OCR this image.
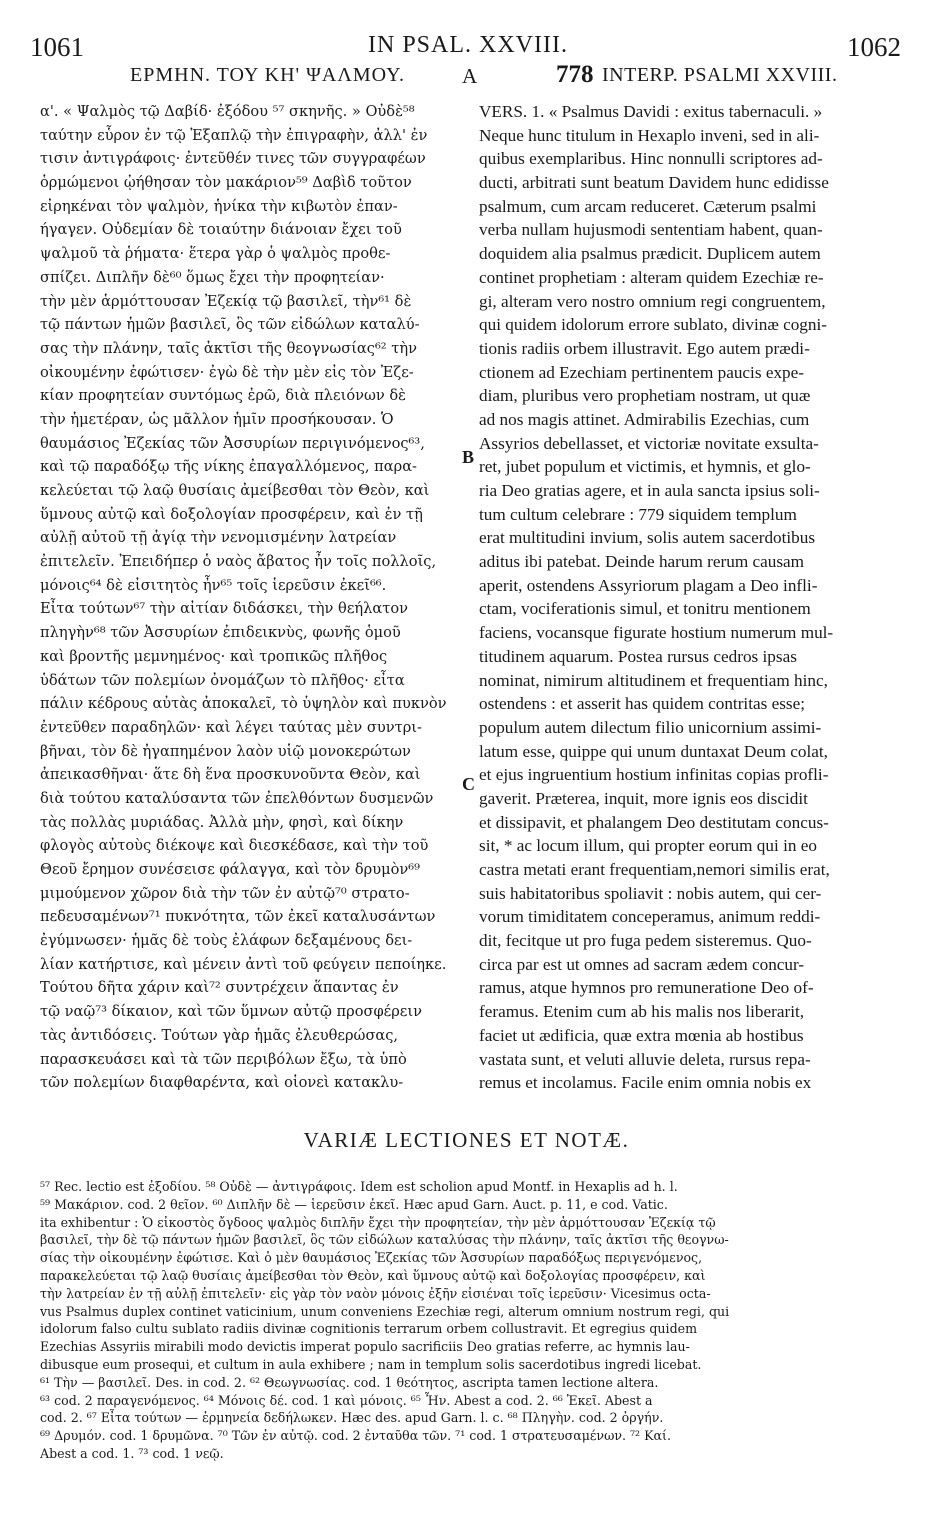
1061	IN PSAL. XXVIII.	1062
ΕΡΜΗΝ. ΤΟΥ ΚΗ' ΨΑΛΜΟΥ.	A	778 INTERP. PSALMI XXVIII.
α'. « Ψαλμὸς τῷ Δαβίδ· ἐξόδου ⁵⁷ σκηνῆς. » Οὐδὲ⁵⁸
ταύτην εὗρον ἐν τῷ Ἑξαπλῷ τὴν ἐπιγραφὴν, ἀλλ' ἐν
τισιν ἀντιγράφοις· ἐντεῦθέν τινες τῶν συγγραφέων
ὁρμώμενοι ᾠήθησαν τὸν μακάριον⁵⁹ Δαβὶδ τοῦτον
εἰρηκέναι τὸν ψαλμὸν, ἡνίκα τὴν κιβωτὸν ἐπαν-
ήγαγεν. Οὐδεμίαν δὲ τοιαύτην διάνοιαν ἔχει τοῦ
ψαλμοῦ τὰ ῥήματα· ἕτερα γὰρ ὁ ψαλμὸς προθε-
σπίζει. Διπλῆν δὲ⁶⁰ ὅμως ἔχει τὴν προφητείαν·
τὴν μὲν ἁρμόττουσαν Ἐζεκίᾳ τῷ βασιλεῖ, τὴν⁶¹ δὲ
τῷ πάντων ἡμῶν βασιλεῖ, ὃς τῶν εἰδώλων καταλύ-
σας τὴν πλάνην, ταῖς ἀκτῖσι τῆς θεογνωσίας⁶² τὴν
οἰκουμένην ἐφώτισεν· ἐγὼ δὲ τὴν μὲν εἰς τὸν Ἐζε-
κίαν προφητείαν συντόμως ἐρῶ, διὰ πλειόνων δὲ
τὴν ἡμετέραν, ὡς μᾶλλον ἡμῖν προσήκουσαν. Ὁ
θαυμάσιος Ἐζεκίας τῶν Ἀσσυρίων περιγινόμενος⁶³,
καὶ τῷ παραδόξῳ τῆς νίκης ἐπαγαλλόμενος, παρα-
κελεύεται τῷ λαῷ θυσίαις ἀμείβεσθαι τὸν Θεὸν, καὶ
ὕμνους αὐτῷ καὶ δοξολογίαν προσφέρειν, καὶ ἐν τῇ
αὐλῇ αὐτοῦ τῇ ἁγίᾳ τὴν νενομισμένην λατρείαν
ἐπιτελεῖν. Ἐπειδήπερ ὁ ναὸς ἄβατος ἦν τοῖς πολλοῖς,
μόνοις⁶⁴ δὲ εἰσιτητὸς ἦν⁶⁵ τοῖς ἱερεῦσιν ἐκεῖ⁶⁶.
Εἶτα τούτων⁶⁷ τὴν αἰτίαν διδάσκει, τὴν θεήλατον
πληγὴν⁶⁸ τῶν Ἀσσυρίων ἐπιδεικνὺς, φωνῆς ὁμοῦ
καὶ βροντῆς μεμνημένος· καὶ τροπικῶς πλῆθος
ὑδάτων τῶν πολεμίων ὀνομάζων τὸ πλῆθος· εἶτα
πάλιν κέδρους αὐτὰς ἀποκαλεῖ, τὸ ὑψηλὸν καὶ πυκνὸν
ἐντεῦθεν παραδηλῶν· καὶ λέγει ταύτας μὲν συντρι-
βῆναι, τὸν δὲ ἠγαπημένον λαὸν υἱῷ μονοκερώτων
ἀπεικασθῆναι· ἅτε δὴ ἕνα προσκυνοῦντα Θεὸν, καὶ
διὰ τούτου καταλύσαντα τῶν ἐπελθόντων δυσμενῶν
τὰς πολλὰς μυριάδας. Ἀλλὰ μὴν, φησὶ, καὶ δίκην
φλογὸς αὐτοὺς διέκοψε καὶ διεσκέδασε, καὶ τὴν τοῦ
Θεοῦ ἔρημον συνέσεισε φάλαγγα, καὶ τὸν δρυμὸν⁶⁹
μιμούμενον χῶρον διὰ τὴν τῶν ἐν αὐτῷ⁷⁰ στρατο-
πεδευσαμένων⁷¹ πυκνότητα, τῶν ἐκεῖ καταλυσάντων
ἐγύμνωσεν· ἡμᾶς δὲ τοὺς ἐλάφων δεξαμένους δει-
λίαν κατήρτισε, καὶ μένειν ἀντὶ τοῦ φεύγειν πεποίηκε.
Τούτου δῆτα χάριν καὶ⁷² συντρέχειν ἅπαντας ἐν
τῷ ναῷ⁷³ δίκαιον, καὶ τῶν ὕμνων αὐτῷ προσφέρειν
τὰς ἀντιδόσεις. Τούτων γὰρ ἡμᾶς ἐλευθερώσας,
παρασκευάσει καὶ τὰ τῶν περιβόλων ἔξω, τὰ ὑπὸ
τῶν πολεμίων διαφθαρέντα, καὶ οἱονεὶ κατακλυ-
VERS. 1. « Psalmus Davidi : exitus tabernaculi. »
Neque hunc titulum in Hexaplo inveni, sed in ali-
quibus exemplaribus. Hinc nonnulli scriptores ad-
ducti, arbitrati sunt beatum Davidem hunc edidisse
psalmum, cum arcam reduceret. Cæterum psalmi
verba nullam hujusmodi sententiam habent, quan-
doquidem alia psalmus prædicit. Duplicem autem
continet prophetiam : alteram quidem Ezechiæ re-
gi, alteram vero nostro omnium regi congruentem,
qui quidem idolorum errore sublato, divinæ cogni-
tionis radiis orbem illustravit. Ego autem prædi-
ctionem ad Ezechiam pertinentem paucis expe-
diam, pluribus vero prophetiam nostram, ut quæ
ad nos magis attinet. Admirabilis Ezechias, cum
Assyrios debellasset, et victoriæ novitate exsulta-
ret, jubet populum et victimis, et hymnis, et glo-
ria Deo gratias agere, et in aula sancta ipsius soli-
tum cultum celebrare : 779 siquidem templum
erat multitudini invium, solis autem sacerdotibus
aditus ibi patebat. Deinde harum rerum causam
aperit, ostendens Assyriorum plagam a Deo infli-
ctam, vociferationis simul, et tonitru mentionem
faciens, vocansque figurate hostium numerum mul-
titudinem aquarum. Postea rursus cedros ipsas
nominat, nimirum altitudinem et frequentiam hinc,
ostendens : et asserit has quidem contritas esse;
populum autem dilectum filio unicornium assimi-
latum esse, quippe qui unum duntaxat Deum colat,
et ejus ingruentium hostium infinitas copias profli-
gaverit. Præterea, inquit, more ignis eos discidit
et dissipavit, et phalangem Deo destitutam concus-
sit, * ac locum illum, qui propter eorum qui in eo
castra metati erant frequentiam,nemori similis erat,
suis habitatoribus spoliavit : nobis autem, qui cer-
vorum timiditatem conceperamus, animum reddi-
dit, fecitque ut pro fuga pedem sisteremus. Quo-
circa par est ut omnes ad sacram ædem concur-
ramus, atque hymnos pro remuneratione Deo of-
feramus. Etenim cum ab his malis nos liberarit,
faciet ut ædificia, quæ extra mœnia ab hostibus
vastata sunt, et veluti alluvie deleta, rursus repa-
remus et incolamus. Facile enim omnia nobis ex
B
C
VARIÆ LECTIONES ET NOTÆ.
⁵⁷ Rec. lectio est ἐξοδίου. ⁵⁸ Οὐδὲ — ἀντιγράφοις. Idem est scholion apud Montf. in Hexaplis ad h. l.
⁵⁹ Μακάριον. cod. 2 θεῖον. ⁶⁰ Διπλῆν δὲ — ἱερεῦσιν ἐκεῖ. Hæc apud Garn. Auct. p. 11, e cod. Vatic.
ita exhibentur : Ὁ εἰκοστὸς ὄγδοος ψαλμὸς διπλῆν ἔχει τὴν προφητείαν, τὴν μὲν ἁρμόττουσαν Ἐζεκίᾳ τῷ
βασιλεῖ, τὴν δὲ τῷ πάντων ἡμῶν βασιλεῖ, ὃς τῶν εἰδώλων καταλύσας τὴν πλάνην, ταῖς ἀκτῖσι τῆς θεογνω-
σίας τὴν οἰκουμένην ἐφώτισε. Καὶ ὁ μὲν θαυμάσιος Ἐζεκίας τῶν Ἀσσυρίων παραδόξως περιγενόμενος,
παρακελεύεται τῷ λαῷ θυσίαις ἀμείβεσθαι τὸν Θεὸν, καὶ ὕμνους αὐτῷ καὶ δοξολογίας προσφέρειν, καὶ
τὴν λατρείαν ἐν τῇ αὐλῇ ἐπιτελεῖν· εἰς γὰρ τὸν ναὸν μόνοις ἐξῆν εἰσιέναι τοῖς ἱερεῦσιν· Vicesimus octa-
vus Psalmus duplex continet vaticinium, unum conveniens Ezechiæ regi, alterum omnium nostrum regi, qui
idolorum falso cultu sublato radiis divinæ cognitionis terrarum orbem collustravit. Et egregius quidem
Ezechias Assyriis mirabili modo devictis imperat populo sacrificiis Deo gratias referre, ac hymnis lau-
dibusque eum prosequi, et cultum in aula exhibere ; nam in templum solis sacerdotibus ingredi licebat.
⁶¹ Τὴν — βασιλεῖ. Des. in cod. 2. ⁶² Θεωγνωσίας. cod. 1 θεότητος, ascripta tamen lectione altera.
⁶³ cod. 2 παραγενόμενος. ⁶⁴ Μόνοις δέ. cod. 1 καὶ μόνοις. ⁶⁵ Ἦν. Abest a cod. 2. ⁶⁶ Ἐκεῖ. Abest a
cod. 2. ⁶⁷ Εἶτα τούτων — ἑρμηνεία δεδήλωκεν. Hæc des. apud Garn. l. c. ⁶⁸ Πληγὴν. cod. 2 ὀργήν.
⁶⁹ Δρυμόν. cod. 1 δρυμῶνα. ⁷⁰ Τῶν ἐν αὐτῷ. cod. 2 ἐνταῦθα τῶν. ⁷¹ cod. 1 στρατευσαμένων. ⁷² Καί.
Abest a cod. 1. ⁷³ cod. 1 νεῷ.
